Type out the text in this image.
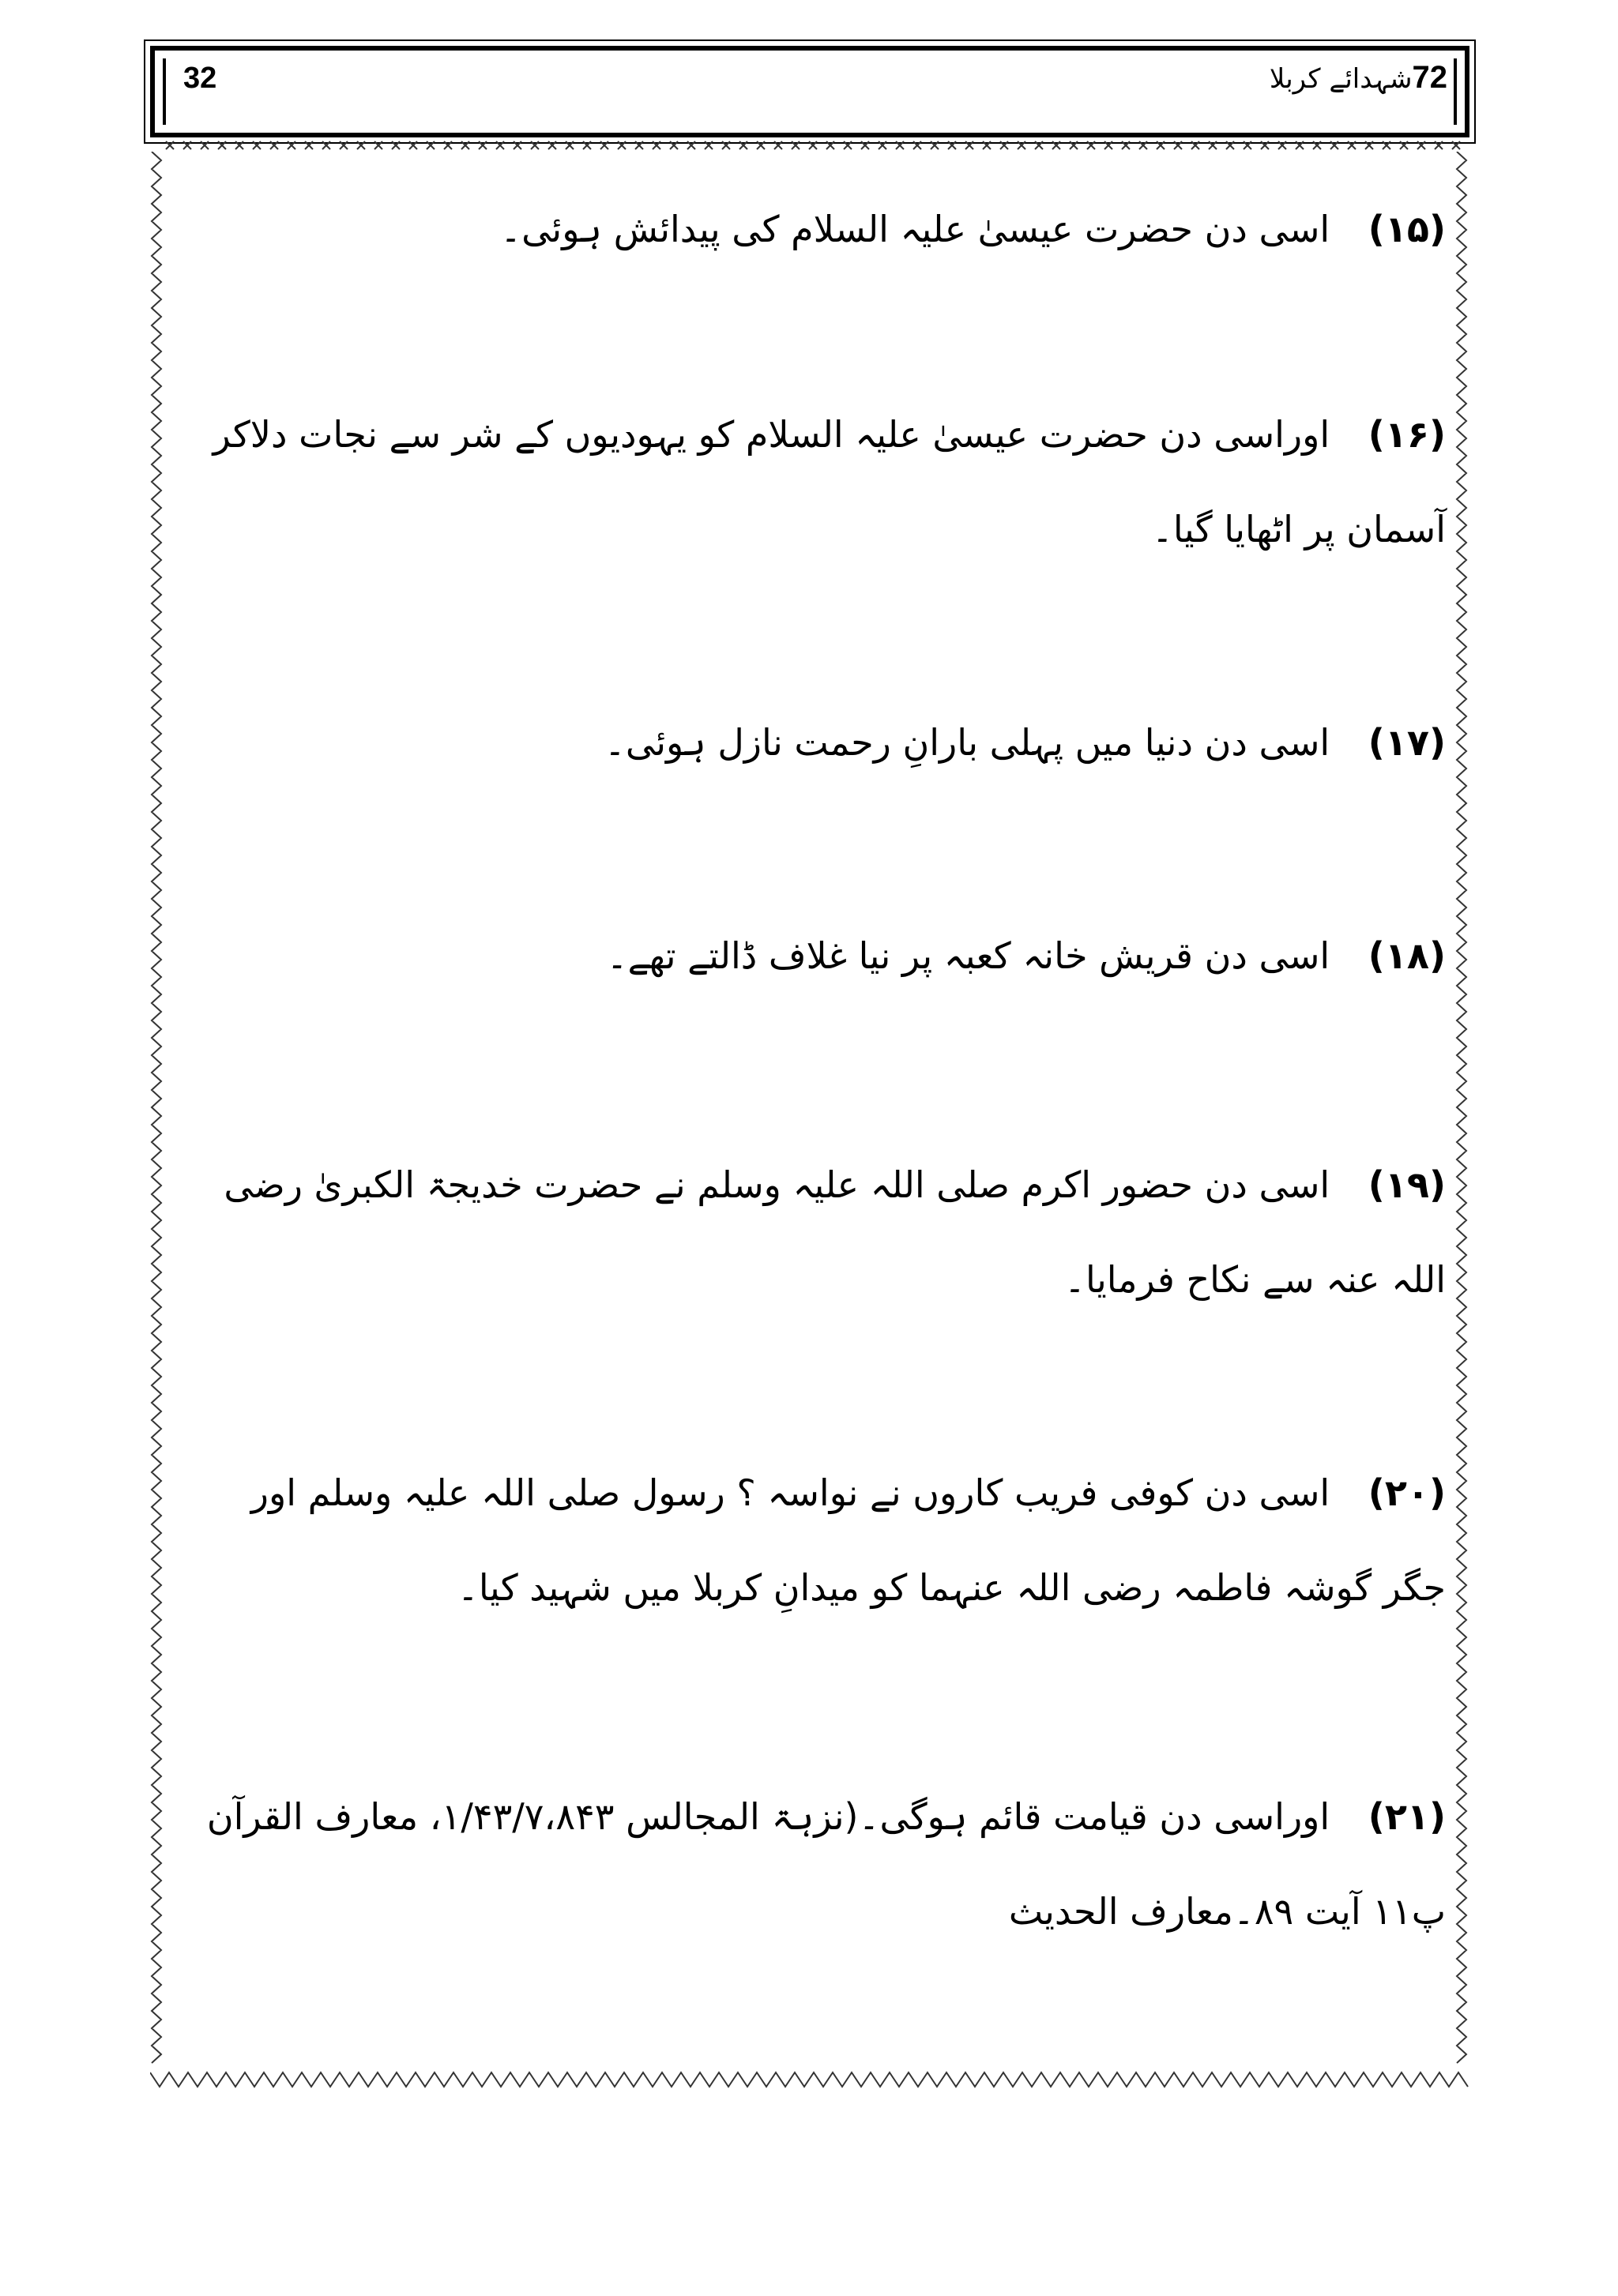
32	72شہدائے کربلا
(۱۵) اسی دن حضرت عیسیٰ علیہ السلام کی پیدائش ہوئی۔
(۱۶) اوراسی دن حضرت عیسیٰ علیہ السلام کو یہودیوں کے شر سے نجات دلاکر آسمان پر اٹھایا گیا۔
(۱۷) اسی دن دنیا میں پہلی بارانِ رحمت نازل ہوئی۔
(۱۸) اسی دن قریش خانہ کعبہ پر نیا غلاف ڈالتے تھے۔
(۱۹) اسی دن حضور اکرم صلی اللہ علیہ وسلم نے حضرت خدیجۃ الکبریٰ رضی اللہ عنہ سے نکاح فرمایا۔
(۲۰) اسی دن کوفی فریب کاروں نے نواسہ ؟ رسول صلی اللہ علیہ وسلم اور جگر گوشہ فاطمہ رضی اللہ عنہما کو میدانِ کربلا میں شہید کیا۔
(۲۱) اوراسی دن قیامت قائم ہوگی۔(نزہۃ المجالس ۱/۴۳/۷،۸۴۳، معارف القرآن پ۱۱ آیت ۸۹۔معارف الحدیث
